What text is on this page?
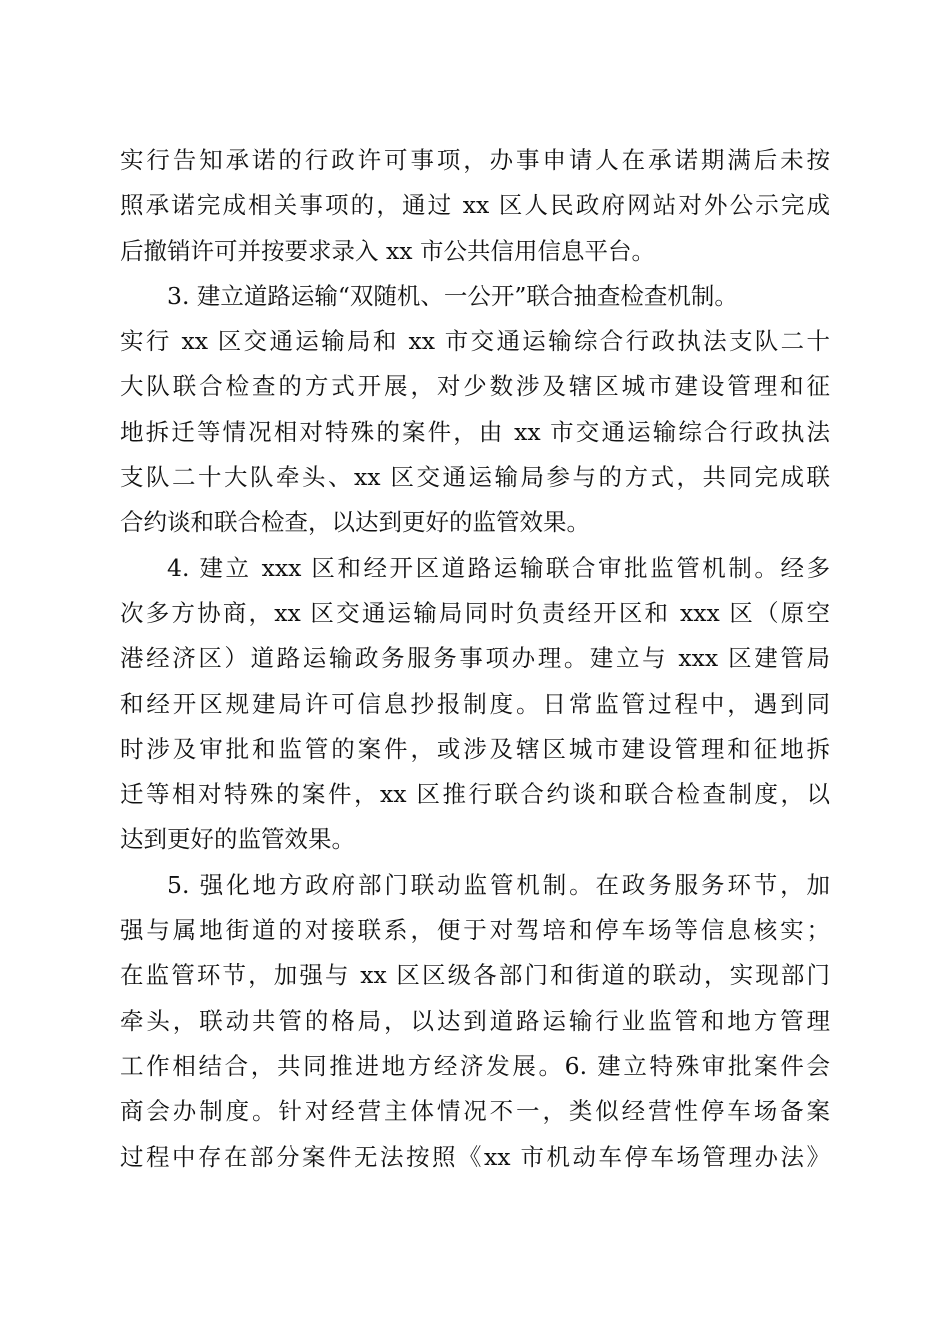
实行告知承诺的行政许可事项，办事申请人在承诺期满后未按
照承诺完成相关事项的，通过 xx 区人民政府网站对外公示完成
后撤销许可并按要求录入 xx 市公共信用信息平台。
3. 建立道路运输“双随机、一公开”联合抽查检查机制。
实行 xx 区交通运输局和 xx 市交通运输综合行政执法支队二十
大队联合检查的方式开展，对少数涉及辖区城市建设管理和征
地拆迁等情况相对特殊的案件，由 xx 市交通运输综合行政执法
支队二十大队牵头、xx 区交通运输局参与的方式，共同完成联
合约谈和联合检查，以达到更好的监管效果。
4. 建立 xxx 区和经开区道路运输联合审批监管机制。经多
次多方协商，xx 区交通运输局同时负责经开区和 xxx 区（原空
港经济区）道路运输政务服务事项办理。建立与 xxx 区建管局
和经开区规建局许可信息抄报制度。日常监管过程中，遇到同
时涉及审批和监管的案件，或涉及辖区城市建设管理和征地拆
迁等相对特殊的案件，xx 区推行联合约谈和联合检查制度，以
达到更好的监管效果。
5. 强化地方政府部门联动监管机制。在政务服务环节，加
强与属地街道的对接联系，便于对驾培和停车场等信息核实；
在监管环节，加强与 xx 区区级各部门和街道的联动，实现部门
牵头，联动共管的格局，以达到道路运输行业监管和地方管理
工作相结合，共同推进地方经济发展。6. 建立特殊审批案件会
商会办制度。针对经营主体情况不一，类似经营性停车场备案
过程中存在部分案件无法按照《xx 市机动车停车场管理办法》
